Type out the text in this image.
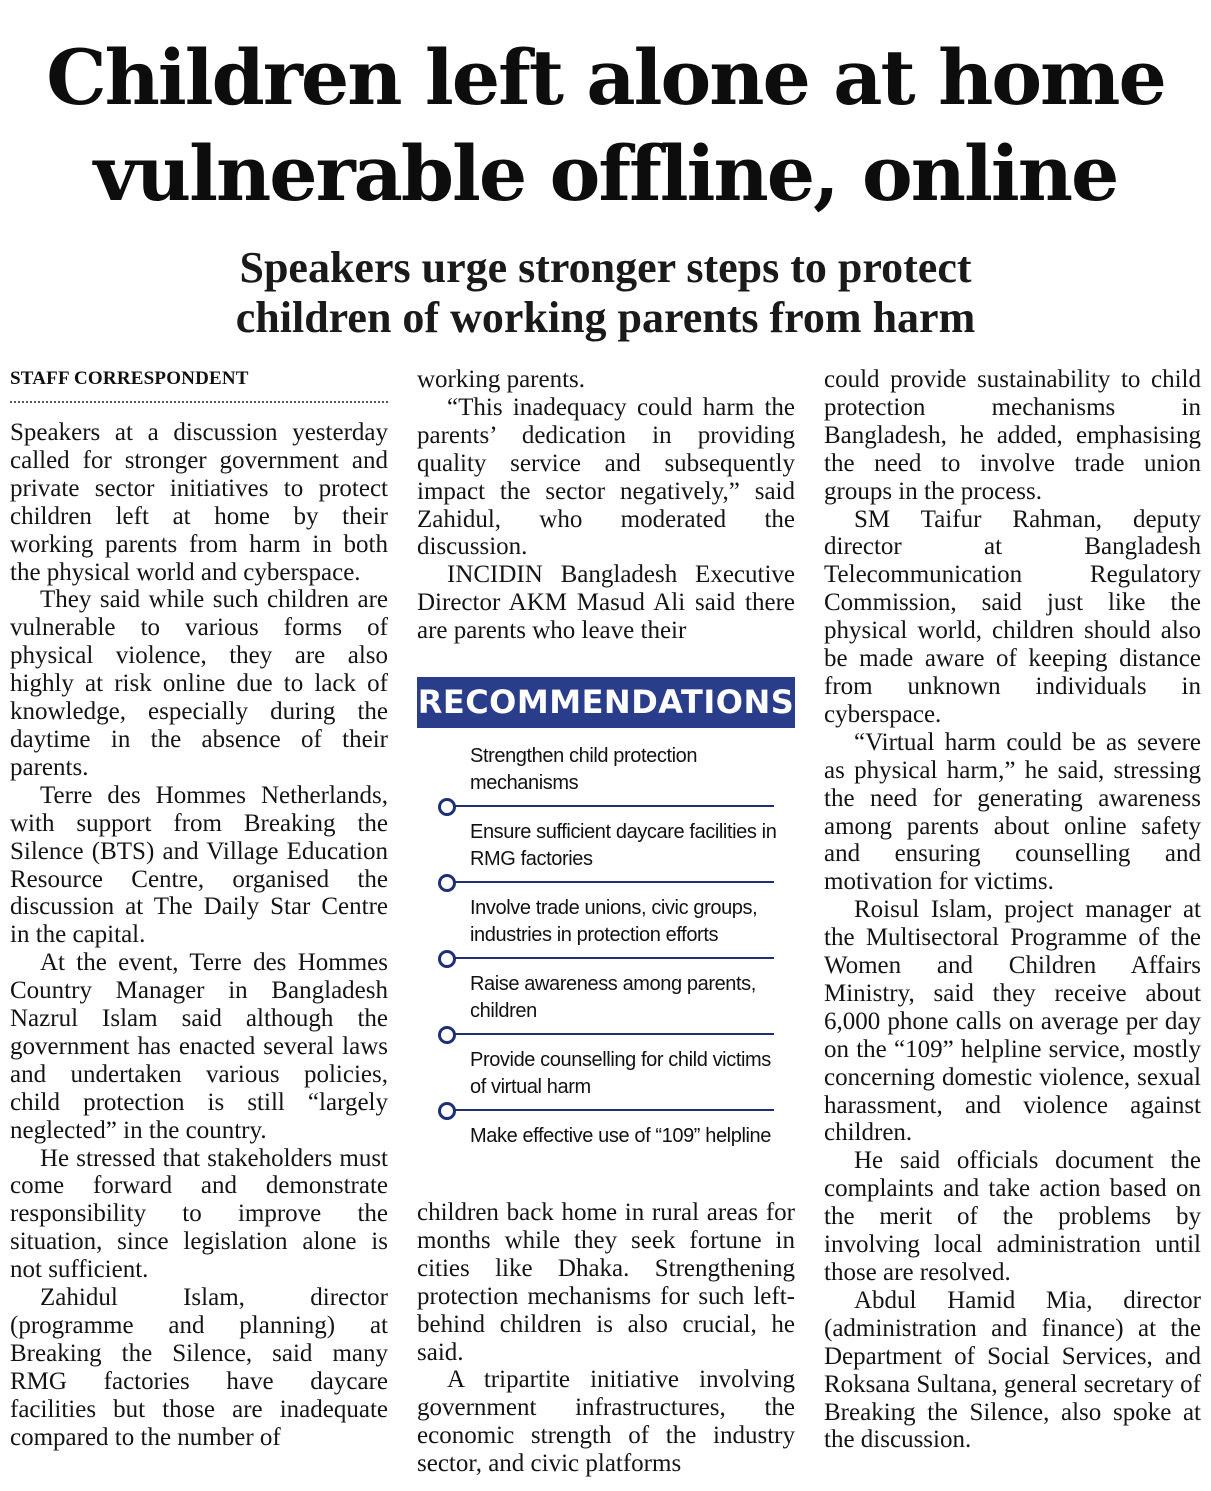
Children left alone at home
vulnerable offline, online
Speakers urge stronger steps to protect
children of working parents from harm
STAFF CORRESPONDENT

Speakers at a discussion yesterday called for stronger government and private sector initiatives to protect children left at home by their working parents from harm in both the physical world and cyberspace.

They said while such children are vulnerable to various forms of physical violence, they are also highly at risk online due to lack of knowledge, especially during the daytime in the absence of their parents.

Terre des Hommes Netherlands, with support from Breaking the Silence (BTS) and Village Education Resource Centre, organised the discussion at The Daily Star Centre in the capital.

At the event, Terre des Hommes Country Manager in Bangladesh Nazrul Islam said although the government has enacted several laws and undertaken various policies, child protection is still “largely neglected” in the country.

He stressed that stakeholders must come forward and demonstrate responsibility to improve the situation, since legislation alone is not sufficient.

Zahidul Islam, director (programme and planning) at Breaking the Silence, said many RMG factories have daycare facilities but those are inadequate compared to the number of

working parents.

“This inadequacy could harm the parents’ dedication in providing quality service and subsequently impact the sector negatively,” said Zahidul, who moderated the discussion.

INCIDIN Bangladesh Executive Director AKM Masud Ali said there are parents who leave their

RECOMMENDATIONS
Strengthen child protection mechanisms
Ensure sufficient daycare facilities in RMG factories
Involve trade unions, civic groups, industries in protection efforts
Raise awareness among parents, children
Provide counselling for child victims of virtual harm
Make effective use of “109” helpline

children back home in rural areas for months while they seek fortune in cities like Dhaka. Strengthening protection mechanisms for such left-behind children is also crucial, he said.

A tripartite initiative involving government infrastructures, the economic strength of the industry sector, and civic platforms

could provide sustainability to child protection mechanisms in Bangladesh, he added, emphasising the need to involve trade union groups in the process.

SM Taifur Rahman, deputy director at Bangladesh Telecommunication Regulatory Commission, said just like the physical world, children should also be made aware of keeping distance from unknown individuals in cyberspace.

“Virtual harm could be as severe as physical harm,” he said, stressing the need for generating awareness among parents about online safety and ensuring counselling and motivation for victims.

Roisul Islam, project manager at the Multisectoral Programme of the Women and Children Affairs Ministry, said they receive about 6,000 phone calls on average per day on the “109” helpline service, mostly concerning domestic violence, sexual harassment, and violence against children.

He said officials document the complaints and take action based on the merit of the problems by involving local administration until those are resolved.

Abdul Hamid Mia, director (administration and finance) at the Department of Social Services, and Roksana Sultana, general secretary of Breaking the Silence, also spoke at the discussion.
